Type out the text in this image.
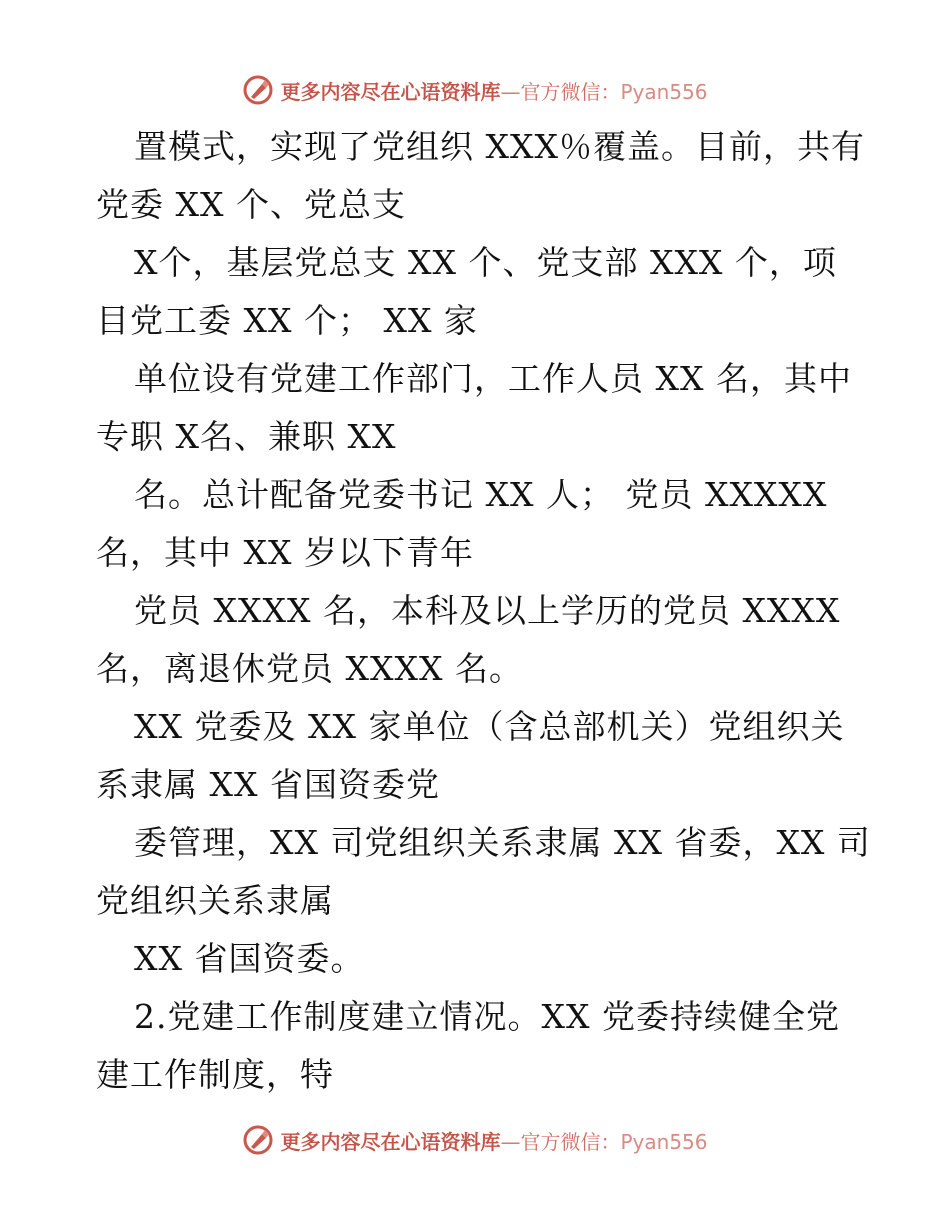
更多内容尽在心语资料库—官方微信：Pyan556
置模式，实现了党组织 XXX％覆盖。目前，共有
党委 XX 个、党总支
X个，基层党总支 XX 个、党支部 XXX 个，项
目党工委 XX 个； XX 家
单位设有党建工作部门，工作人员 XX 名，其中
专职 X名、兼职 XX
名。总计配备党委书记 XX 人； 党员 XXXXX
名，其中 XX 岁以下青年
党员 XXXX 名，本科及以上学历的党员 XXXX
名，离退休党员 XXXX 名。
XX 党委及 XX 家单位（含总部机关）党组织关
系隶属 XX 省国资委党
委管理，XX 司党组织关系隶属 XX 省委，XX 司
党组织关系隶属
XX 省国资委。
2.党建工作制度建立情况。XX 党委持续健全党
建工作制度，特
更多内容尽在心语资料库—官方微信：Pyan556
